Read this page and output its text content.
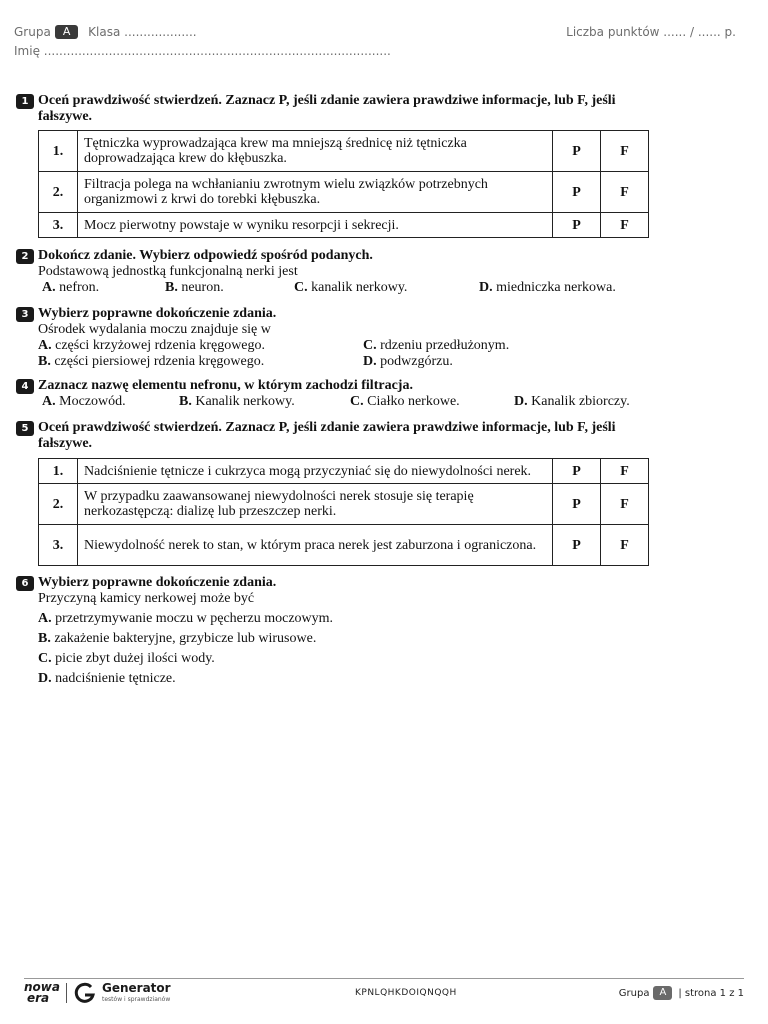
Grupa A Klasa ...................	Liczba punktów ...... / ...... p.
Imię ...........................................................................................
1 Oceń prawdziwość stwierdzeń. Zaznacz P, jeśli zdanie zawiera prawdziwe informacje, lub F, jeśli fałszywe.
1.	Tętniczka wyprowadzająca krew ma mniejszą średnicę niż tętniczka doprowadzająca krew do kłębuszka.	P	F
2.	Filtracja polega na wchłanianiu zwrotnym wielu związków potrzebnych organizmowi z krwi do torebki kłębuszka.	P	F
3.	Mocz pierwotny powstaje w wyniku resorpcji i sekrecji.	P	F
2 Dokończ zdanie. Wybierz odpowiedź spośród podanych.
Podstawową jednostką funkcjonalną nerki jest
A. nefron.	B. neuron.	C. kanalik nerkowy.	D. miedniczka nerkowa.
3 Wybierz poprawne dokończenie zdania.
Ośrodek wydalania moczu znajduje się w
A. części krzyżowej rdzenia kręgowego.	C. rdzeniu przedłużonym.
B. części piersiowej rdzenia kręgowego.	D. podwzgórzu.
4 Zaznacz nazwę elementu nefronu, w którym zachodzi filtracja.
A. Moczowód.	B. Kanalik nerkowy.	C. Ciałko nerkowe.	D. Kanalik zbiorczy.
5 Oceń prawdziwość stwierdzeń. Zaznacz P, jeśli zdanie zawiera prawdziwe informacje, lub F, jeśli fałszywe.
1.	Nadciśnienie tętnicze i cukrzyca mogą przyczyniać się do niewydolności nerek.	P	F
2.	W przypadku zaawansowanej niewydolności nerek stosuje się terapię nerkozastępczą: dializę lub przeszczep nerki.	P	F
3.	Niewydolność nerek to stan, w którym praca nerek jest zaburzona i ograniczona.	P	F
6 Wybierz poprawne dokończenie zdania.
Przyczyną kamicy nerkowej może być
A. przetrzymywanie moczu w pęcherzu moczowym.
B. zakażenie bakteryjne, grzybicze lub wirusowe.
C. picie zbyt dużej ilości wody.
D. nadciśnienie tętnicze.
nowa
era
Generator
testów i sprawdzianów
KPNLQHKDOIQNQQH	Grupa A | strona 1 z 1
